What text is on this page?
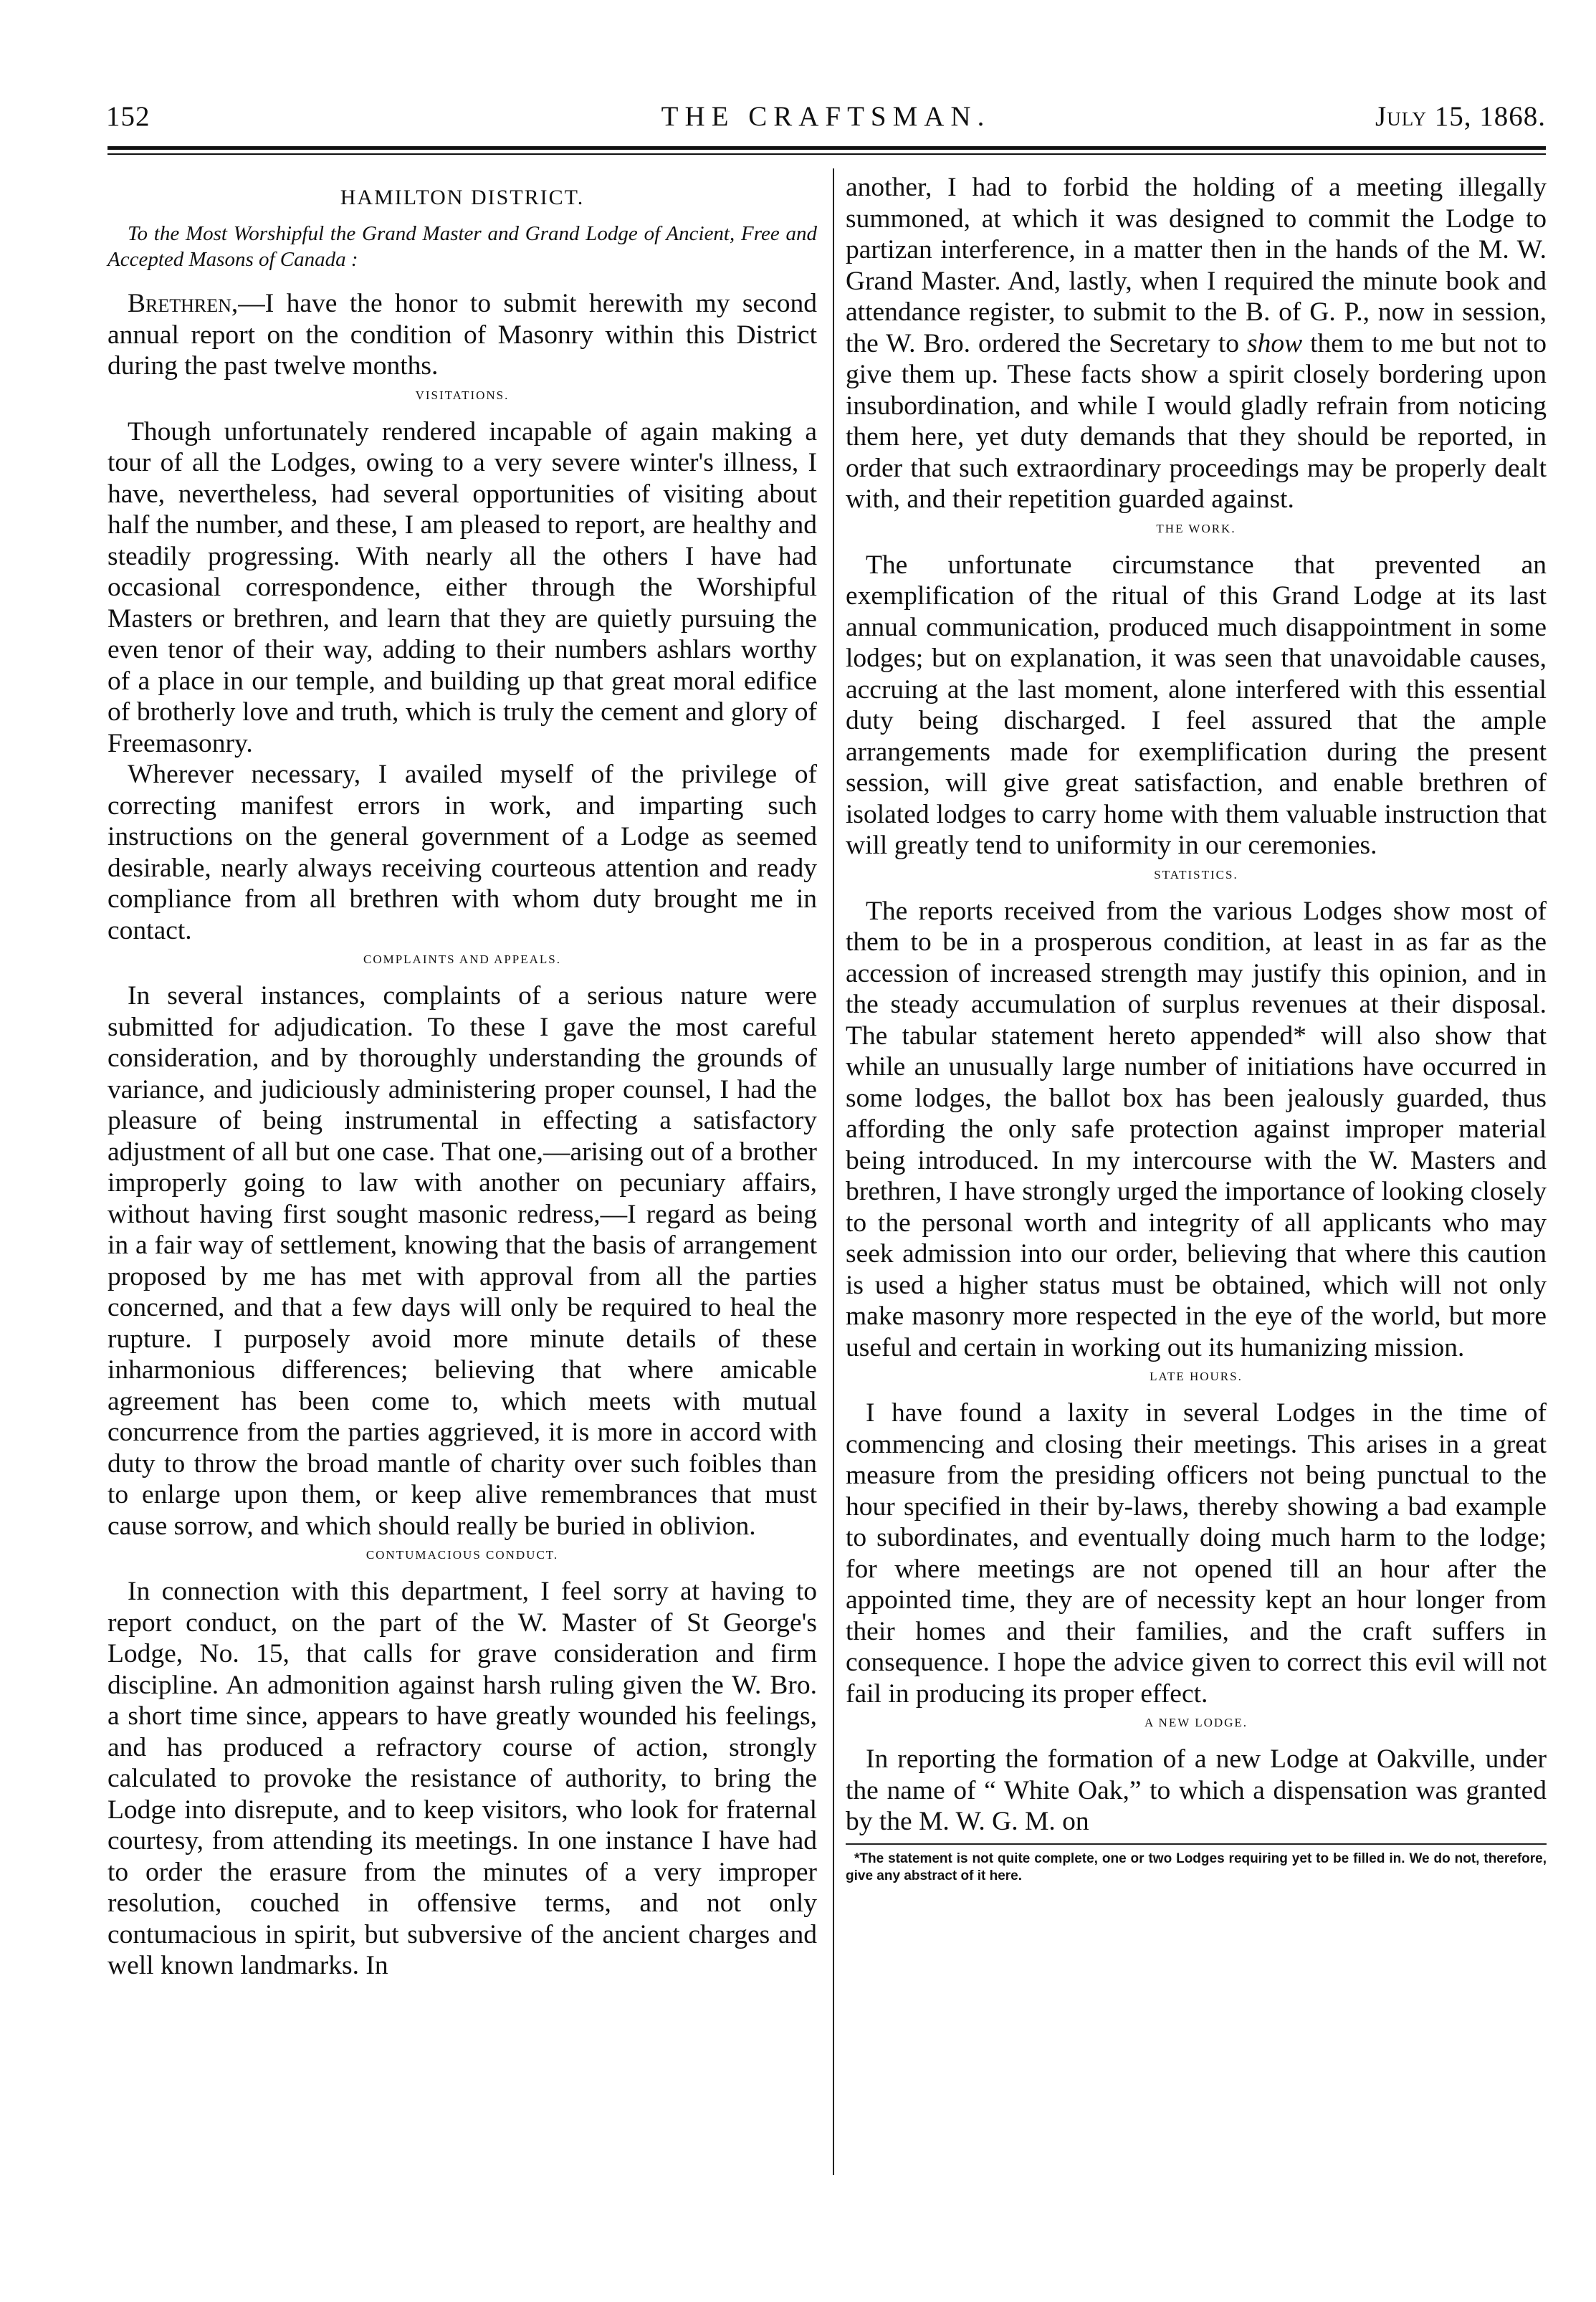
152	THE CRAFTSMAN.	July 15, 1868.
HAMILTON DISTRICT.
To the Most Worshipful the Grand Master and Grand Lodge of Ancient, Free and Accepted Masons of Canada :

Brethren,—I have the honor to submit herewith my second annual report on the condition of Masonry within this District during the past twelve months.

VISITATIONS.

Though unfortunately rendered incapable of again making a tour of all the Lodges, owing to a very severe winter's illness, I have, nevertheless, had several opportunities of visiting about half the number, and these, I am pleased to report, are healthy and steadily progressing. With nearly all the others I have had occasional correspondence, either through the Worshipful Masters or brethren, and learn that they are quietly pursuing the even tenor of their way, adding to their numbers ashlars worthy of a place in our temple, and building up that great moral edifice of brotherly love and truth, which is truly the cement and glory of Freemasonry.

Wherever necessary, I availed myself of the privilege of correcting manifest errors in work, and imparting such instructions on the general government of a Lodge as seemed desirable, nearly always receiving courteous attention and ready compliance from all brethren with whom duty brought me in contact.

COMPLAINTS AND APPEALS.

In several instances, complaints of a serious nature were submitted for adjudication. To these I gave the most careful consideration, and by thoroughly understanding the grounds of variance, and judiciously administering proper counsel, I had the pleasure of being instrumental in effecting a satisfactory adjustment of all but one case. That one,—arising out of a brother improperly going to law with another on pecuniary affairs, without having first sought masonic redress,—I regard as being in a fair way of settlement, knowing that the basis of arrangement proposed by me has met with approval from all the parties concerned, and that a few days will only be required to heal the rupture. I purposely avoid more minute details of these inharmonious differences; believing that where amicable agreement has been come to, which meets with mutual concurrence from the parties aggrieved, it is more in accord with duty to throw the broad mantle of charity over such foibles than to enlarge upon them, or keep alive remembrances that must cause sorrow, and which should really be buried in oblivion.

CONTUMACIOUS CONDUCT.

In connection with this department, I feel sorry at having to report conduct, on the part of the W. Master of St George's Lodge, No. 15, that calls for grave consideration and firm discipline. An admonition against harsh ruling given the W. Bro. a short time since, appears to have greatly wounded his feelings, and has produced a refractory course of action, strongly calculated to provoke the resistance of authority, to bring the Lodge into disrepute, and to keep visitors, who look for fraternal courtesy, from attending its meetings. In one instance I have had to order the erasure from the minutes of a very improper resolution, couched in offensive terms, and not only contumacious in spirit, but subversive of the ancient charges and well known landmarks. In

another, I had to forbid the holding of a meeting illegally summoned, at which it was designed to commit the Lodge to partizan interference, in a matter then in the hands of the M. W. Grand Master. And, lastly, when I required the minute book and attendance register, to submit to the B. of G. P., now in session, the W. Bro. ordered the Secretary to show them to me but not to give them up. These facts show a spirit closely bordering upon insubordination, and while I would gladly refrain from noticing them here, yet duty demands that they should be reported, in order that such extraordinary proceedings may be properly dealt with, and their repetition guarded against.

THE WORK.

The unfortunate circumstance that prevented an exemplification of the ritual of this Grand Lodge at its last annual communication, produced much disappointment in some lodges; but on explanation, it was seen that unavoidable causes, accruing at the last moment, alone interfered with this essential duty being discharged. I feel assured that the ample arrangements made for exemplification during the present session, will give great satisfaction, and enable brethren of isolated lodges to carry home with them valuable instruction that will greatly tend to uniformity in our ceremonies.

STATISTICS.

The reports received from the various Lodges show most of them to be in a prosperous condition, at least in as far as the accession of increased strength may justify this opinion, and in the steady accumulation of surplus revenues at their disposal. The tabular statement hereto appended* will also show that while an unusually large number of initiations have occurred in some lodges, the ballot box has been jealously guarded, thus affording the only safe protection against improper material being introduced. In my intercourse with the W. Masters and brethren, I have strongly urged the importance of looking closely to the personal worth and integrity of all applicants who may seek admission into our order, believing that where this caution is used a higher status must be obtained, which will not only make masonry more respected in the eye of the world, but more useful and certain in working out its humanizing mission.

LATE HOURS.

I have found a laxity in several Lodges in the time of commencing and closing their meetings. This arises in a great measure from the presiding officers not being punctual to the hour specified in their by-laws, thereby showing a bad example to subordinates, and eventually doing much harm to the lodge; for where meetings are not opened till an hour after the appointed time, they are of necessity kept an hour longer from their homes and their families, and the craft suffers in consequence. I hope the advice given to correct this evil will not fail in producing its proper effect.

A NEW LODGE.

In reporting the formation of a new Lodge at Oakville, under the name of “ White Oak,” to which a dispensation was granted by the M. W. G. M. on

*The statement is not quite complete, one or two Lodges requiring yet to be filled in. We do not, therefore, give any abstract of it here.
